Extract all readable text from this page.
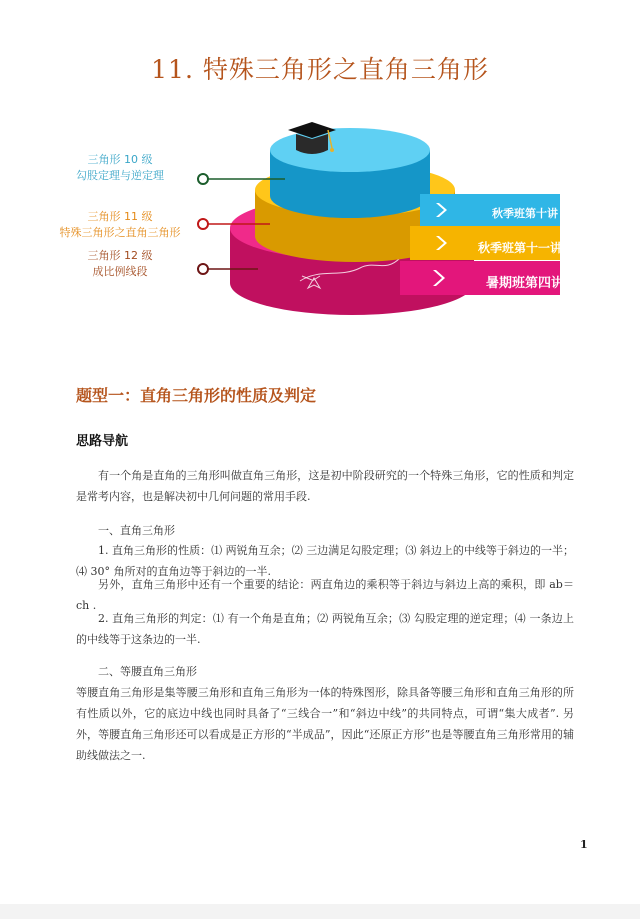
11. 特殊三角形之直角三角形
三角形 10 级
勾股定理与逆定理
三角形 11 级
特殊三角形之直角三角形
三角形 12 级
成比例线段
秋季班第十讲
秋季班第十一讲
暑期班第四讲
题型一：直角三角形的性质及判定
思路导航

有一个角是直角的三角形叫做直角三角形，这是初中阶段研究的一个特殊三角形，它的性质和判定是常考内容，也是解决初中几何问题的常用手段.

一、直角三角形

1. 直角三角形的性质：⑴ 两锐角互余；⑵ 三边满足勾股定理；⑶ 斜边上的中线等于斜边的一半；⑷ 30° 角所对的直角边等于斜边的一半.

另外，直角三角形中还有一个重要的结论：两直角边的乘积等于斜边与斜边上高的乘积，即 ab＝ch .

2. 直角三角形的判定：⑴ 有一个角是直角；⑵ 两锐角互余；⑶ 勾股定理的逆定理；⑷ 一条边上的中线等于这条边的一半.

二、等腰直角三角形

等腰直角三角形是集等腰三角形和直角三角形为一体的特殊图形，除具备等腰三角形和直角三角形的所有性质以外，它的底边中线也同时具备了“三线合一”和“斜边中线”的共同特点，可谓“集大成者”. 另外，等腰直角三角形还可以看成是正方形的“半成品”，因此“还原正方形”也是等腰直角三角形常用的辅助线做法之一.

1
